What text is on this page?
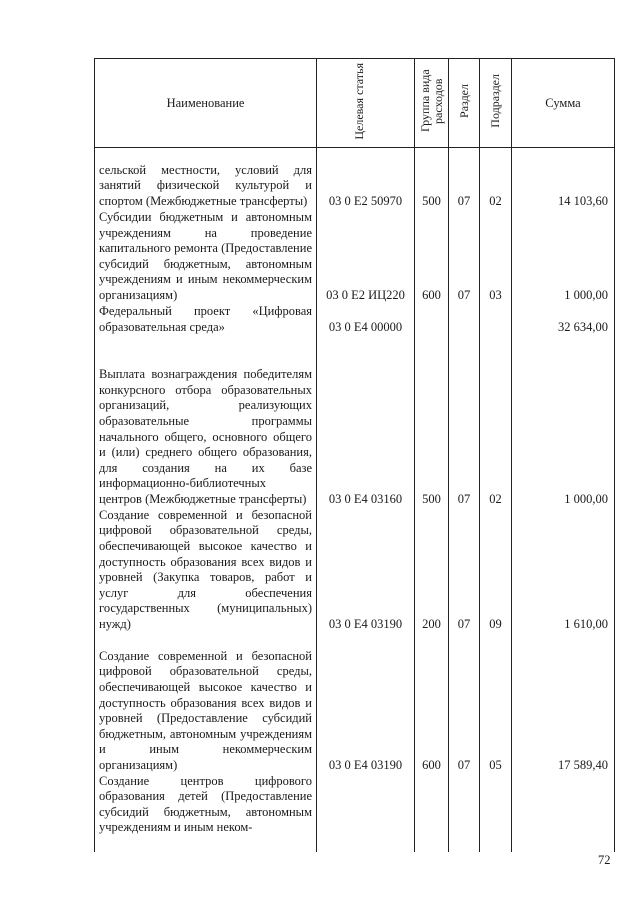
Наименование	Целевая статья	Группа вида расходов	Раздел	Подраздел	Сумма
сельской местности, условий для занятий физической культурой и спортом (Межбюджетные трансферты)	03 0 Е2 50970	500	07	02	14 103,60
Субсидии бюджетным и автономным учреждениям на проведение капитального ремонта (Предоставление субсидий бюджетным, автономным учреждениям и иным некоммерческим организациям)	03 0 Е2 ИЦ220	600	07	03	1 000,00
Федеральный проект «Цифровая образовательная среда»	03 0 Е4 00000				32 634,00
Выплата вознаграждения победителям конкурсного отбора образовательных организаций, реализующих образовательные программы начального общего, основного общего и (или) среднего общего образования, для создания на их базе информационно-библиотечных центров (Межбюджетные трансферты)	03 0 Е4 03160	500	07	02	1 000,00
Создание современной и безопасной цифровой образовательной среды, обеспечивающей высокое качество и доступность образования всех видов и уровней (Закупка товаров, работ и услуг для обеспечения государственных (муниципальных) нужд)	03 0 Е4 03190	200	07	09	1 610,00
Создание современной и безопасной цифровой образовательной среды, обеспечивающей высокое качество и доступность образования всех видов и уровней (Предоставление субсидий бюджетным, автономным учреждениям и иным некоммерческим организациям)	03 0 Е4 03190	600	07	05	17 589,40
Создание центров цифрового образования детей (Предоставление субсидий бюджетным, автономным учреждениям и иным неком-					
72
